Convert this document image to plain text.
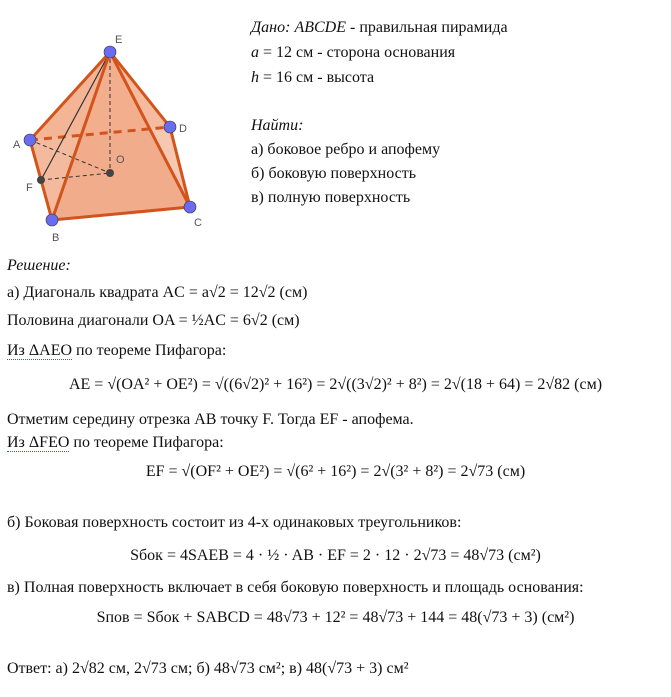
E
A
D
O
F
B
C
Дано: ABCDE - правильная пирамида
a = 12 см - сторона основания
h = 16 см - высота
Найти:
а) боковое ребро и апофему
б) боковую поверхность
в) полную поверхность
Решение:
а) Диагональ квадрата AC = a√2 = 12√2 (см)
Половина диагонали OA = ½AC = 6√2 (см)
Из ΔAEO по теореме Пифагора:
AE = √(OA² + OE²) = √((6√2)² + 16²) = 2√((3√2)² + 8²) = 2√(18 + 64) = 2√82 (см)
Отметим середину отрезка AB точку F. Тогда EF - апофема.
Из ΔFEO по теореме Пифагора:
EF = √(OF² + OE²) = √(6² + 16²) = 2√(3² + 8²) = 2√73 (см)
б) Боковая поверхность состоит из 4-х одинаковых треугольников:
Sбок = 4SAEB = 4 · ½ · AB · EF = 2 · 12 · 2√73 = 48√73 (см²)
в) Полная поверхность включает в себя боковую поверхность и площадь основания:
Sпов = Sбок + SABCD = 48√73 + 12² = 48√73 + 144 = 48(√73 + 3) (см²)
Ответ: а) 2√82 см, 2√73 см; б) 48√73 см²; в) 48(√73 + 3) см²
